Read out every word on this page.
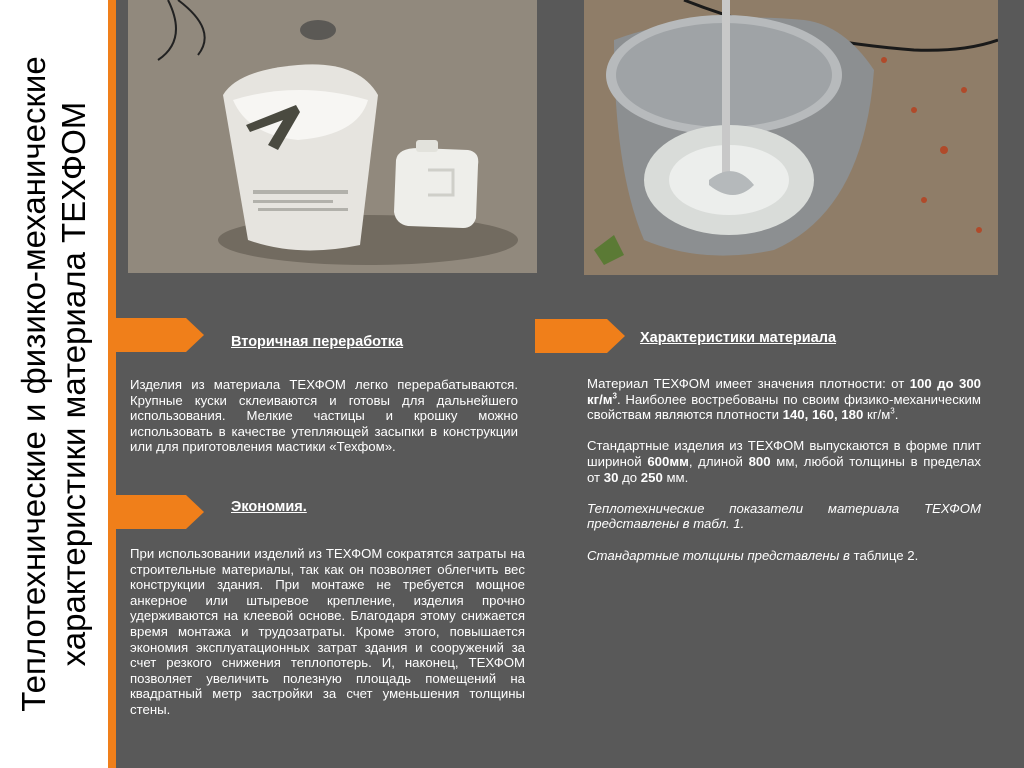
Теплотехнические и физико-механические характеристики материала ТЕХФОМ	Вторичная переработка
Экономия.
Характеристики материала

Изделия из материала ТЕХФОМ легко перерабатываются. Крупные куски склеиваются и готовы для дальнейшего использования. Мелкие частицы и крошку можно использовать в качестве утепляющей засыпки в конструкции или для приготовления мастики «Техфом».

При использовании изделий из ТЕХФОМ сократятся затраты на строительные материалы, так как он позволяет облегчить вес конструкции здания. При монтаже не требуется мощное анкерное или штыревое крепление, изделия прочно удерживаются на клеевой основе. Благодаря этому снижается время монтажа и трудозатраты. Кроме этого, повышается экономия эксплуатационных затрат здания и сооружений за счет резкого снижения теплопотерь. И, наконец, ТЕХФОМ позволяет увеличить полезную площадь помещений на квадратный метр застройки за счет уменьшения толщины стены.

Материал ТЕХФОМ имеет значения плотности: от 100 до 300 $кг/м^3$. Наиболее востребованы по своим физико-механическим свойствам являются плотности 140, 160, 180 $кг/м^3$.

Стандартные изделия из ТЕХФОМ выпускаются в форме плит шириной 600мм, длиной 800 мм, любой толщины в пределах от 30 до 250 мм.

Теплотехнические показатели материала ТЕХФОМ представлены в табл. 1.

Стандартные толщины представлены в таблице 2.
